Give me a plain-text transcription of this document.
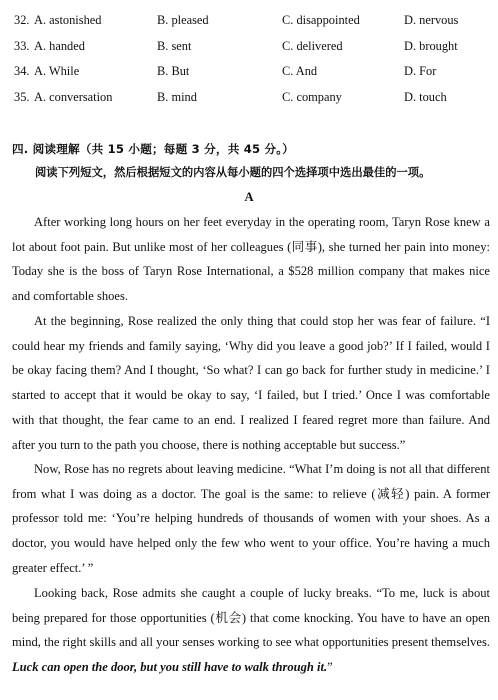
32. A. astonished	B. pleased	C. disappointed	D. nervous
33. A. handed	B. sent	C. delivered	D. brought
34. A. While	B. But	C. And	D. For
35. A. conversation	B. mind	C. company	D. touch
四. 阅读理解（共 15 小题；每题 3 分，共 45 分。）
阅读下列短文，然后根据短文的内容从每小题的四个选择项中选出最佳的一项。
A

After working long hours on her feet everyday in the operating room, Taryn Rose knew a lot about foot pain. But unlike most of her colleagues (同事), she turned her pain into money: Today she is the boss of Taryn Rose International, a $528 million company that makes nice and comfortable shoes.

At the beginning, Rose realized the only thing that could stop her was fear of failure. “I could hear my friends and family saying, ‘Why did you leave a good job?’ If I failed, would I be okay facing them? And I thought, ‘So what? I can go back for further study in medicine.’ I started to accept that it would be okay to say, ‘I failed, but I tried.’ Once I was comfortable with that thought, the fear came to an end. I realized I feared regret more than failure. And after you turn to the path you choose, there is nothing acceptable but success.”

Now, Rose has no regrets about leaving medicine. “What I’m doing is not all that different from what I was doing as a doctor. The goal is the same: to relieve (减轻) pain. A former professor told me: ‘You’re helping hundreds of thousands of women with your shoes. As a doctor, you would have helped only the few who went to your office. You’re having a much greater effect.’ ”

Looking back, Rose admits she caught a couple of lucky breaks. “To me, luck is about being prepared for those opportunities (机会) that come knocking. You have to have an open mind, the right skills and all your senses working to see what opportunities present themselves. Luck can open the door, but you still have to walk through it.”
